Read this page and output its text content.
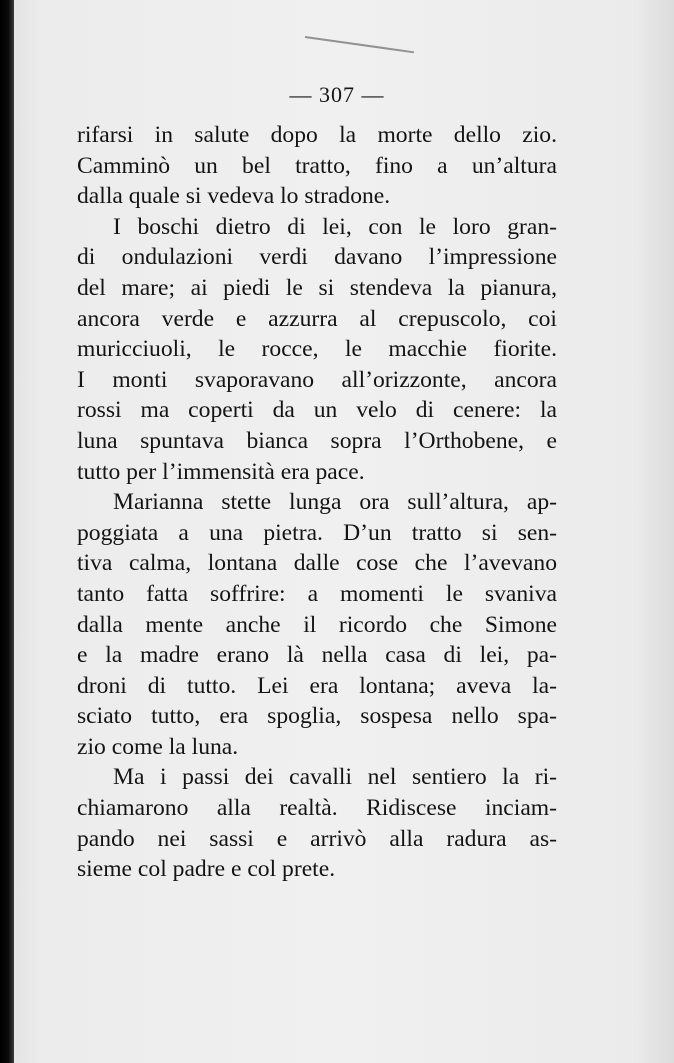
— 307 —
rifarsi in salute dopo la morte dello zio.
Camminò un bel tratto, fino a un’altura
dalla quale si vedeva lo stradone.
I boschi dietro di lei, con le loro gran-
di ondulazioni verdi davano l’impressione
del mare; ai piedi le si stendeva la pianura,
ancora verde e azzurra al crepuscolo, coi
muricciuoli, le rocce, le macchie fiorite.
I monti svaporavano all’orizzonte, ancora
rossi ma coperti da un velo di cenere: la
luna spuntava bianca sopra l’Orthobene, e
tutto per l’immensità era pace.
Marianna stette lunga ora sull’altura, ap-
poggiata a una pietra. D’un tratto si sen-
tiva calma, lontana dalle cose che l’avevano
tanto fatta soffrire: a momenti le svaniva
dalla mente anche il ricordo che Simone
e la madre erano là nella casa di lei, pa-
droni di tutto. Lei era lontana; aveva la-
sciato tutto, era spoglia, sospesa nello spa-
zio come la luna.
Ma i passi dei cavalli nel sentiero la ri-
chiamarono alla realtà. Ridiscese inciam-
pando nei sassi e arrivò alla radura as-
sieme col padre e col prete.
